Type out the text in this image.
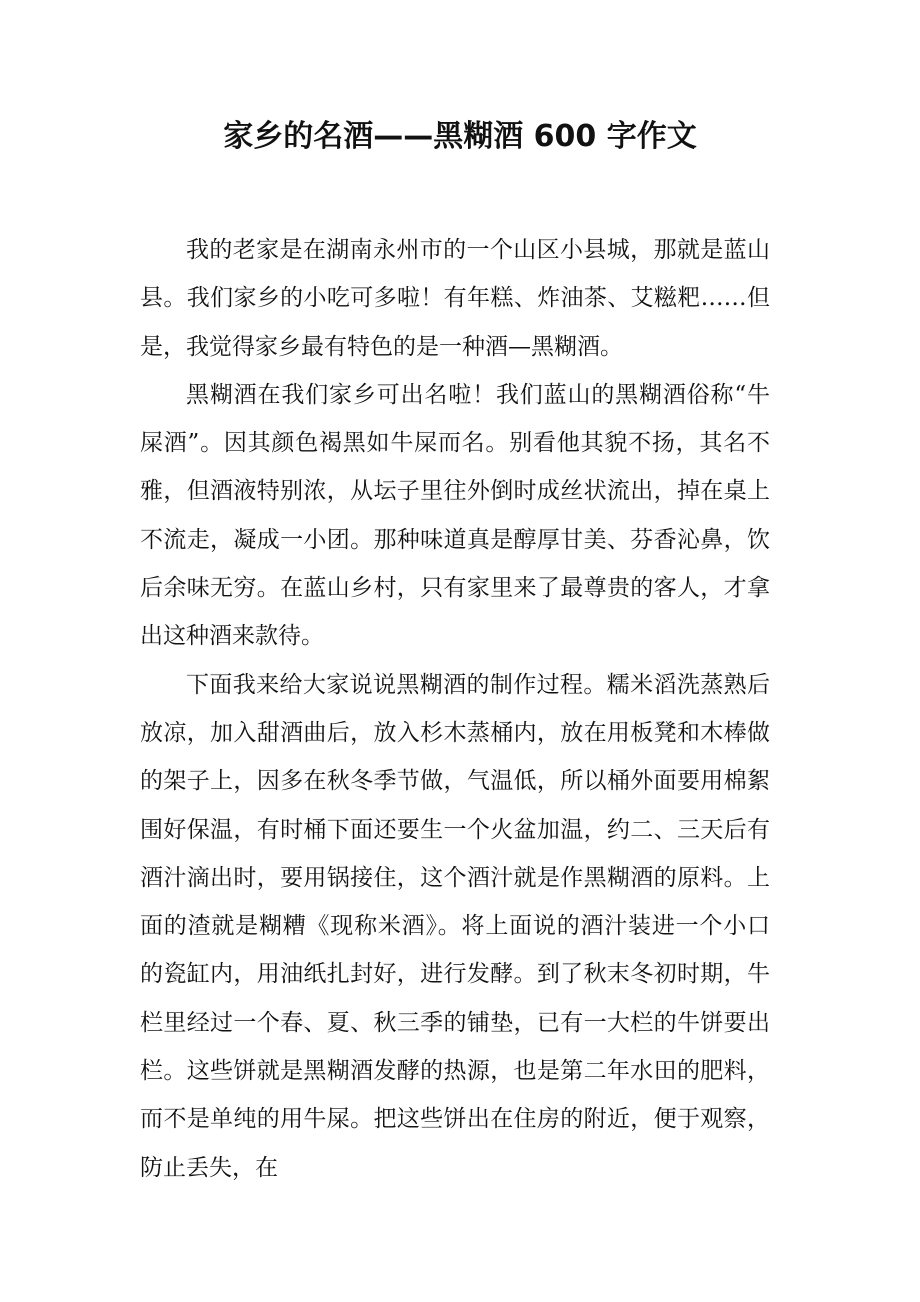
家乡的名酒——黑糊酒 600 字作文

我的老家是在湖南永州市的一个山区小县城，那就是蓝山县。我们家乡的小吃可多啦！有年糕、炸油茶、艾糍粑……但是，我觉得家乡最有特色的是一种酒—黑糊酒。

黑糊酒在我们家乡可出名啦！我们蓝山的黑糊酒俗称“牛屎酒”。因其颜色褐黑如牛屎而名。别看他其貌不扬，其名不雅，但酒液特别浓，从坛子里往外倒时成丝状流出，掉在桌上不流走，凝成一小团。那种味道真是醇厚甘美、芬香沁鼻，饮后余味无穷。在蓝山乡村，只有家里来了最尊贵的客人，才拿出这种酒来款待。

下面我来给大家说说黑糊酒的制作过程。糯米滔洗蒸熟后放凉，加入甜酒曲后，放入杉木蒸桶内，放在用板凳和木棒做的架子上，因多在秋冬季节做，气温低，所以桶外面要用棉絮围好保温，有时桶下面还要生一个火盆加温，约二、三天后有酒汁滴出时，要用锅接住，这个酒汁就是作黑糊酒的原料。上面的渣就是糊糟《现称米酒》。将上面说的酒汁装进一个小口的瓷缸内，用油纸扎封好，进行发酵。到了秋末冬初时期，牛栏里经过一个春、夏、秋三季的铺垫，已有一大栏的牛饼要出栏。这些饼就是黑糊酒发酵的热源，也是第二年水田的肥料，而不是单纯的用牛屎。把这些饼出在住房的附近，便于观察，防止丢失，在
